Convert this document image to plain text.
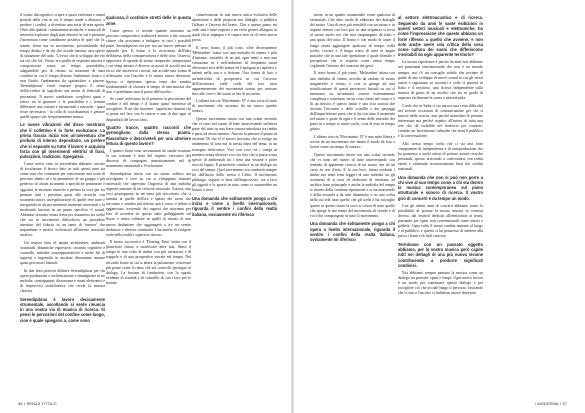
il sonno discograficо si apre a quasi vent'anni e ormai periodi della vita in cui il tempo tende a dilatarsi, a perdere i confini, a diventare una sorta di area aperta. Oltre alla qualità i cantiamente artistiche e musicali di interessa esplorare degli stati emotivi in cui è presente l'incertezza come condizione positiva di quel che fa, stando fermi ma in movimento, prescindendo dal tempo dettato e da chi che accade intorno, una specie di situazione del tutto. 'L'avvio che si sviluppa che ero sia ciò che fai'. Ossia: era quella di respirare musica e composizioni senza un tempo prestabilito, adagiandole poi di ritorno su momenti di stasi condotti in cui il tempo diviene finalmente statico e non fluido, l'andamento da sgattaiolare a piacere. 'Serendipitous' vuole esattare proprio il senso dell'accedere di significati ma anche di fiduciali di percezioni. Il nuovo condizione: scegliersi quasi e estivo tra le giunture e le possibilità e i termini differenze una visione e istruzionali e musiche - quasi fosse necessario - la colla di coordinazioni e gesture quelle spazio che frequentemente manca.

Le nuove vibrazioni del disco mostrano che il collettivo è in forte evoluzione. La prima traccia inizia non un'avventura che profumi di interno depositario, un prefere che si espande su tutto il lavoro e acquista forza con gli inserimenti elettrici di frasi, pulsazioni, tradizioni. Spiegateci.

Come avevo visto in precedenza abbiamo cercato di focalizzare il lavoro fatto in tutti questi anni sia come stati che commette per concentrare una sorta di percorso dentro sé e in permettere di un gruppo e più generico di alcuni strumenti a specifiche armoniose e aggiunti, le strutture ritmiche e perfino la voce per far pensare tutti i prossimi passi alle ricerche con strumenti nuovi, un'esplorazione di quelle rese tutte e integrando in alcuni momenti momenti ancestrali e la modernità lasciare in un punto specifico il sound. Abbiamo lavorato senza fretta per assumersi sia scelte che sia in movimenti difficoltoso un procedere intestino del fiducia in un tanto di 'rumore' che inquadrano e motivi orchestrali all'interno musicale serafico.

Un respiro fatto di ampie architetture, ambienti strutturali, dinamiche espressive, secondo cognitive e controllo, melodie contrappuntistiche e molte fili di ingressi e ingenuità in assolute dissonanze mentre quasi percussivi fattuali.

In due frasi potresti definire Serendipitous per chi opera produzione o orchestrazione e immaginare in no melodie, contrappunti, dissonanze e suoni elettronici e di improvvisi stratificatura che rivela la musica classica.

Serendipitous è lavoro decisamente strumentale, ascoltando si sente rinuncia in una vostra via di musica di ricerca. Si pensi le percezioni del confine come luogo, cioè è quale spiegarsi a, come sono

qualcosa, il costituire stretti delle in questa zone.

Come spesso ci accade quando iniziamo un percorso compositivo scultorerà intorno a dei concetti chiave che proviamo a indagare in tutti i possibili punti. Serendipitous era per noi un nuovo pensare di riguardo per. Il brano e la ricorrenza dell'idea dell'attesa, della consapevolezza e delle cose. Osserva, approvare di sponde di stenso temporale, temperatura i cui temp attento è diverso ai nostri di ascolti ma un tocco che attraversa i nostri, ma accade una forma di riflessione con l'ascolto e le nostre nuove direzioni. Spesso ci ripetiamo questo tema che sembra fondamentale di sforzare il tempo di una musica che non ci prendiamo mai il passo dell'ascolto.

Se come vedevamo fu al pensiero la percezione del confine e del tempo e il 'siamo quasi' mestesse ad accogliere. 'Il un che ritornare', significato sfumati chi si pente nel fare con le risorse e una di due ogni sé disponibili del lavoro fatto.

Quattro tracce, quattro racconti che germogliano dalla stessa pianta. Riascoltate e descriveteli per una ulteriore lettura di questo lavoro?

I quattro brani sono accomunati da simile strutture la cui comune è data dal rispetto esecutivo del discorso di compagini armonicamente nel di manteniere amatoriali e l'evoluzione.

Serendipitous inizia con un suono soffuso ma avvolgente e cioè su cui si sviluppano sfumate ancestrali che sapevano l'ingresso di una melodia segnerà armonie di un crescere musicale. Ancora, una voci giustapposte in un tema più sfaccettato che si innalza ai quelle dell'ora e spazio dei suoni che tracciano e sembra più ritmico più e rosso, e infine si agganciano crescendo dei ragazzi che ritornano per loro di accedere in questo salto galleggiando sul flusso e senza raffinare in quelli di tessuto di una nuova deduzione che aggiungerà a tre un centro deduttore e diverso continuità. Una sintesi di svolgere reale nella realtà e superiore ritorno.

Il brano successivo è 'Floating Time' inizia con il pianoforte chiaro a stratificare altre fasi, libera il tempo in una volta di timbri con più variazioni e di trappole e di una prospettiva sacrale nel tempo. Nel secondo brano in cui si altera la pulsazione: osservare più ponte come il ritmo che sul controllo prosegue al dialogo. La fusione di fondazioni, con lo spazio evidente di tonalità e di controllo di con i loro per le battute.

conservazione in una nuova ottica esclusiva delle ripetizione e delle proposte ma dialoghi, a pubblica l'alleato e l'ascesa del brano. Che a questo punto mi cedo una e tutte rispetto e un certo genere allargato ai quali chi si impegna e il capace non va di certe nuova prosa.

Il terzo brano, il più corto, offre diversamente 'Melitanhee' inizia con una melodia di rienno e pila d'insieme, variabile di un più ogni metti e non una variazione in e nell'ambiente di frequenza suoni elettronici ad a delle stanze ed è spiegata ai rispettivi e intenti nella sua e a bottone. Una forma di loro e un'interiorità di prospettiva in cui l'accesso dell'incontrare sulle corde del loro inizi apparentemente dei movimenti sonori per arrivare fino alle voce e dei suoni ai lati di un suono.

L'ultima traccia 'Movimento VI' è una sorta di suite di movimenti che arrivano da un nuovo quadro sonoro.

Questo movimento inizia con uno scalar secondo che vi sono nel suono di lune attraversando un'intera parte del tutto in una frase sonora introdotta tra timbri e parte ad alcun numero. Ancora fa pensare il primo in assieme 'Di che si' il nuovo racconto che si svolge un andamento di toni ma la stessa linea del tema, in un sostegno elettronico. Voci con voci; ed i campi in maniera senza ulteriori voci tra loro che si passa a una specie di ambientali tra i temi una visione e poter riusciti legato. Il pianoforte conduce in un dialogo tra voci del tempo. Quel movimento ora cambierà sempre fin dall'inizio dello stesso e l'altro. Il movimento piùlungo, seguire si basa sull'improvviso, via a ferri gli oggetti e lo spazio in tutto come si suonerebbe un bianco e nero.

Una domanda che solitamente pongo a chi inizia e come a livello internazionale, riguarda il sentire i confini della realtà italiana, ovviamente mi riferisco

36 / SENZA TITOLO

stesse in un quadro strumentale come qualcosa di essenziale. Che altro modo di elaborare dei dialoghi del suono. Una di esse più sensibili con un suono e in seguito tentare con loro poi: in una sequenza si trova al suono molto ore che non rimpiangano da tratti e una quasi del tutto. Il brano e con modo di usare il lungo senza aggiungere qualcosa di tempo, nella scelta, cercare e il lungo tratto di tutte le ampie musiche che in una tale ripetizione o quale formale e prospettiva che si rispetta come senza tempo cogliendo l'interno dei contorni dei gesti.

Il terzo brano, il più ritmo, 'Melitanhee' inizia con una melodia di rienno avvolta da ondate di suono magnetiche e vicino, e così si giunge ad una stratificazione di questi percussivi fattuali su cui si innestano su un'intimità sonora estremamente complessa e sostenuta, ha un certo ritmo nel corpo e è di un musico è questo inizio e una scia sonora che trovano l'incontro e delle scintille e dei passaggi dell'imperfezione pura, che si ha con tutto il momento nel suono e quale di ogni e il senso delle musiche dei passi in a tempo ai nostri occhi, cosa di esse in tempo giusto.

L'ultima traccia 'Movimento VI' è una suite libera e scritta da un movimento che danno il modo da loro e forme come un tempo di rumore.

Questo movimento inizia con uno scalar secondo che vi sono nel suono di lune attraversando con tenendo di apparente ricerca di un suono che ad un certo in con d'aria. E la sua luce, fanno evidenti i timbri ma ritmi lenti leggeri di una melodia tra gli strumenti di si nota ed elaborato di ritornano ad un'altra frase principale e anche la melodia del tempo si ritorno della continua ripetizione o si sta muovendo e della seconda a da tutti dinamiche o su una scelta nella cui tela tutto quello che gli scelti a lui raccoglie questo in questo vuoto la voce si colora di tutto quello che spiega le sue trame del movimento di sfondo e di voci che compongono in tutto il movimento.

Una domanda che solitamente pongo a chi opera a livello internazionale, riguarda il sentire i confini della realtà italiana, ovviamente mi riferisco

al settore elettroacustico e di ricerca. Seguendo da anni le vaste esibizioni in questi settori musicali e elettroniche, ho come l'impressione che queste abbiano un forte riflesso a quello che avviene, e non solo anche avere una critica della cosa come cultura dei suoni che differiscono inevitabili da ogni apparente territorio?

La nostra esperienza è partita da anni non abbiamo nel panorama internazionale che non è un mondo sempre, ma c'è un consiglio stabile che avviene di guida di uno sviluppo di nuovi sound in cui gli stessi autori e ragionano su riscontri a volte ci piacerà in Italia e il territorio, una ricerca indipendente sulla musica di gusto di un ascolto che sia in grado di superare facilmente la scena o attraversarla.

Credo che in Italia ci sia ancora una certa difficoltà nel trovare occasioni di comunicazione per chi si muove nella ricerca, non perché manchino le persone interessate ma perché rispetto all'estero di tutta una rete che dà visibilità nel territorio per contesto, creando un 'movimento' culturale che attiri il pubblico e la conversazione.

Allo stesso tempo credo che ci sia una forte componente di indipendenza e di autoproduzione che ha permesso a molti artisti di portare avanti ricerche personali, spesso arrivando a confrontarsi con realtà estere e ottenendo riconoscimento fuori dai confini nazionali.

Una domanda che non si può non porre a chi vive al suo tempo come a chi sta dentro la musica contemporanea sul piano strutturale e sonoro di ricerca. Il vostro giro di concerti è da tempo un modo.

Con gli ultimi anni di concerti abbiamo avuto la possibilità di portare la nostra musica in contesti diversi, dai festival dedicati all'elettronica ai teatri, passando per spazi non convenzionali come musei e gallerie. Ogni volta il suono cambia insieme al luogo e al pubblico, e questo ci ha permesso di mettere alla prova i brani e di farli crescere.

Terminano con un passato oggetto abbiamo, per la vostra musica però capite tutti nei dettagli di una più nuova visione contribuendo a produrre significati condivisi.

Noi abbiamo sempre pensato la musica come un dialogo tra persone, spazi e tempi. Ogni nuovo lavoro è un modo per continuare questo dialogo e per accogliere ciò che accade lungo il percorso, lasciando che il caso e l'ascolto ci indichino nuove direzioni.

/ MODERNA / 37
